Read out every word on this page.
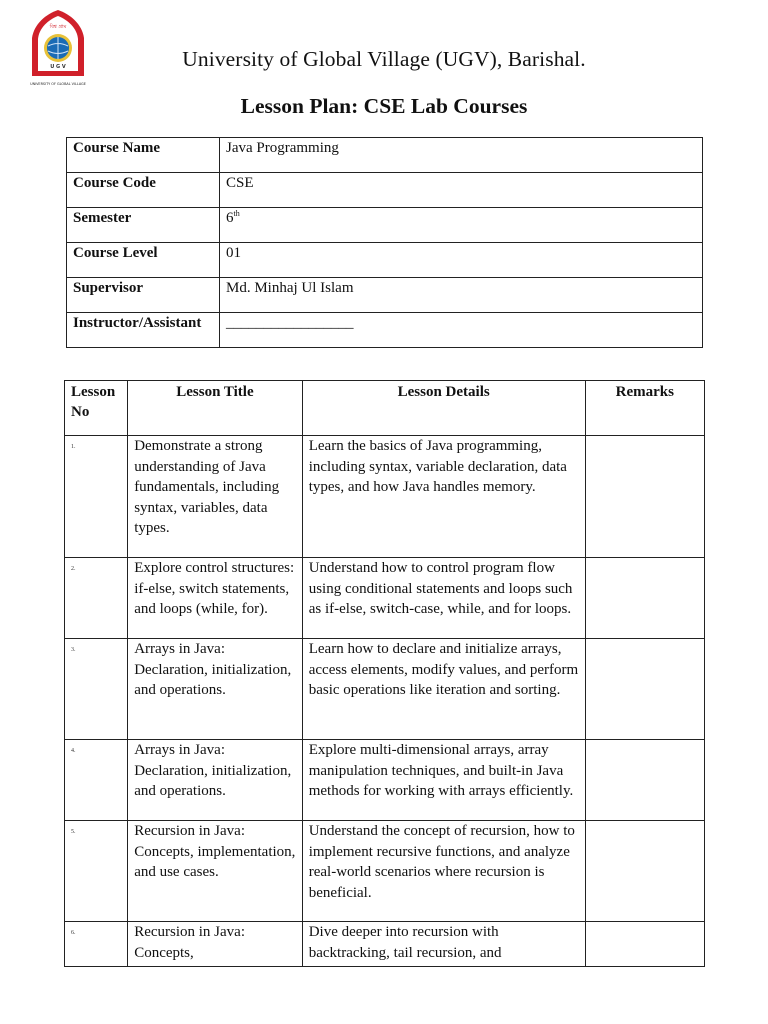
বিশ্ব গ্রাম
U G V
UNIVERSITY OF GLOBAL VILLAGE
University of Global Village (UGV), Barishal.
Lesson Plan: CSE Lab Courses
Course Name	Java Programming
Course Code	CSE
Semester	6th
Course Level	01
Supervisor	Md. Minhaj Ul Islam
Instructor/Assistant	_________________
Lesson No	Lesson Title	Lesson Details	Remarks
1.	Demonstrate a strong understanding of Java fundamentals, including syntax, variables, data types.	Learn the basics of Java programming, including syntax, variable declaration, data types, and how Java handles memory.	
2.	Explore control structures: if-else, switch statements, and loops (while, for).	Understand how to control program flow using conditional statements and loops such as if-else, switch-case, while, and for loops.	
3.	Arrays in Java: Declaration, initialization, and operations.	Learn how to declare and initialize arrays, access elements, modify values, and perform basic operations like iteration and sorting.	
4.	Arrays in Java: Declaration, initialization, and operations.	Explore multi-dimensional arrays, array manipulation techniques, and built-in Java methods for working with arrays efficiently.	
5.	Recursion in Java: Concepts, implementation, and use cases.	Understand the concept of recursion, how to implement recursive functions, and analyze real-world scenarios where recursion is beneficial.	
6.	Recursion in Java: Concepts,	Dive deeper into recursion with backtracking, tail recursion, and	
